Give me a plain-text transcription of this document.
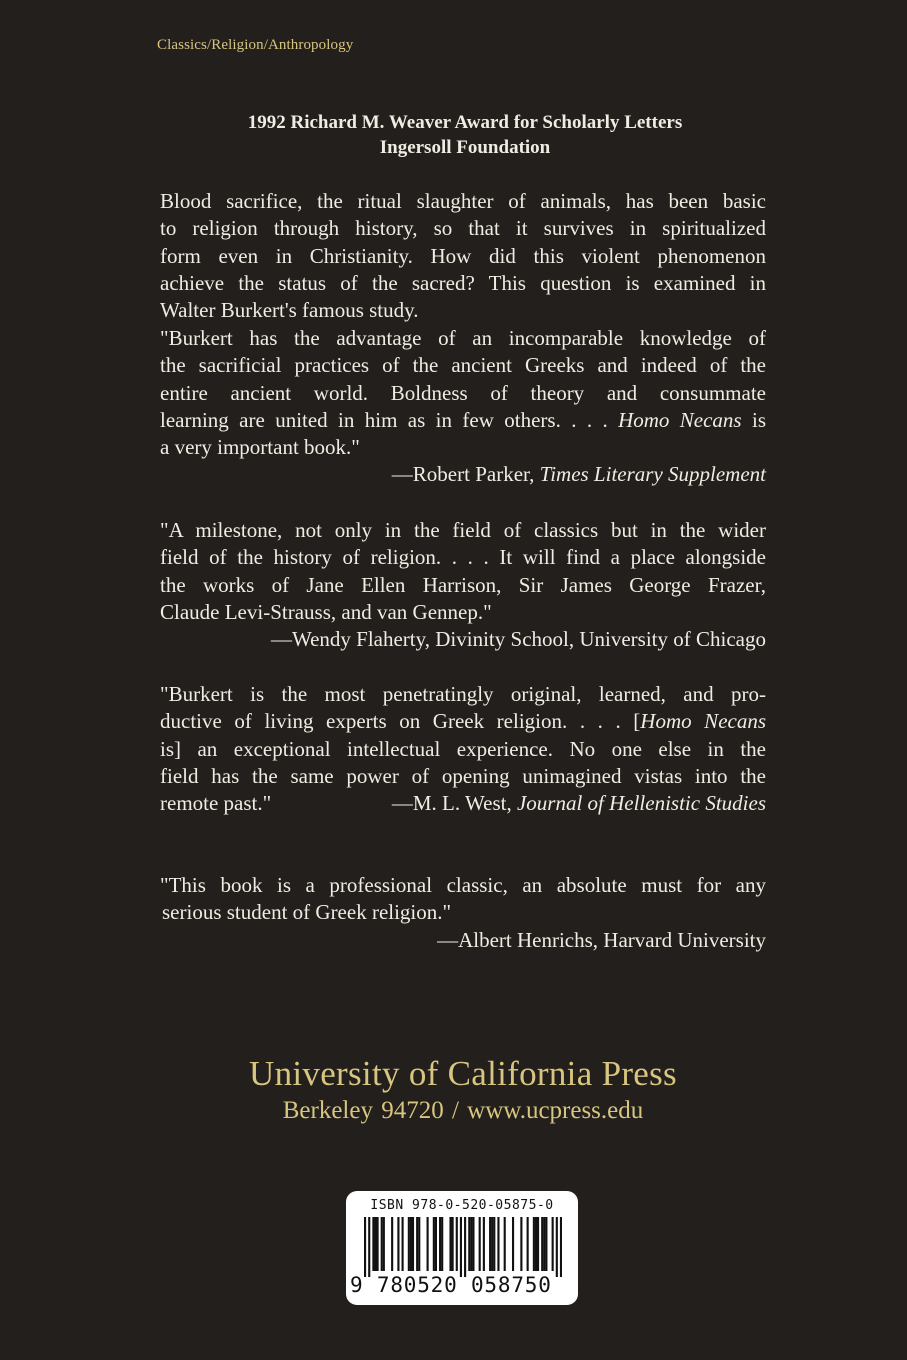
Classics/Religion/Anthropology
1992 Richard M. Weaver Award for Scholarly Letters
Ingersoll Foundation
Blood sacrifice, the ritual slaughter of animals, has been basic
to religion through history, so that it survives in spiritualized
form even in Christianity. How did this violent phenomenon
achieve the status of the sacred? This question is examined in
Walter Burkert's famous study.
"Burkert has the advantage of an incomparable knowledge of
the sacrificial practices of the ancient Greeks and indeed of the
entire ancient world. Boldness of theory and consummate
learning are united in him as in few others. . . . Homo Necans is
a very important book."
—Robert Parker, Times Literary Supplement
"A milestone, not only in the field of classics but in the wider
field of the history of religion. . . . It will find a place alongside
the works of Jane Ellen Harrison, Sir James George Frazer,
Claude Levi-Strauss, and van Gennep."
—Wendy Flaherty, Divinity School, University of Chicago
"Burkert is the most penetratingly original, learned, and pro-
ductive of living experts on Greek religion. . . . [Homo Necans
is] an exceptional intellectual experience. No one else in the
field has the same power of opening unimagined vistas into the
remote past."	—M. L. West, Journal of Hellenistic Studies
"This book is a professional classic, an absolute must for any
serious student of Greek religion."
—Albert Henrichs, Harvard University
University of California Press
Berkeley 94720 / www.ucpress.edu
ISBN 978-0-520-05875-0
9 780520 058750
